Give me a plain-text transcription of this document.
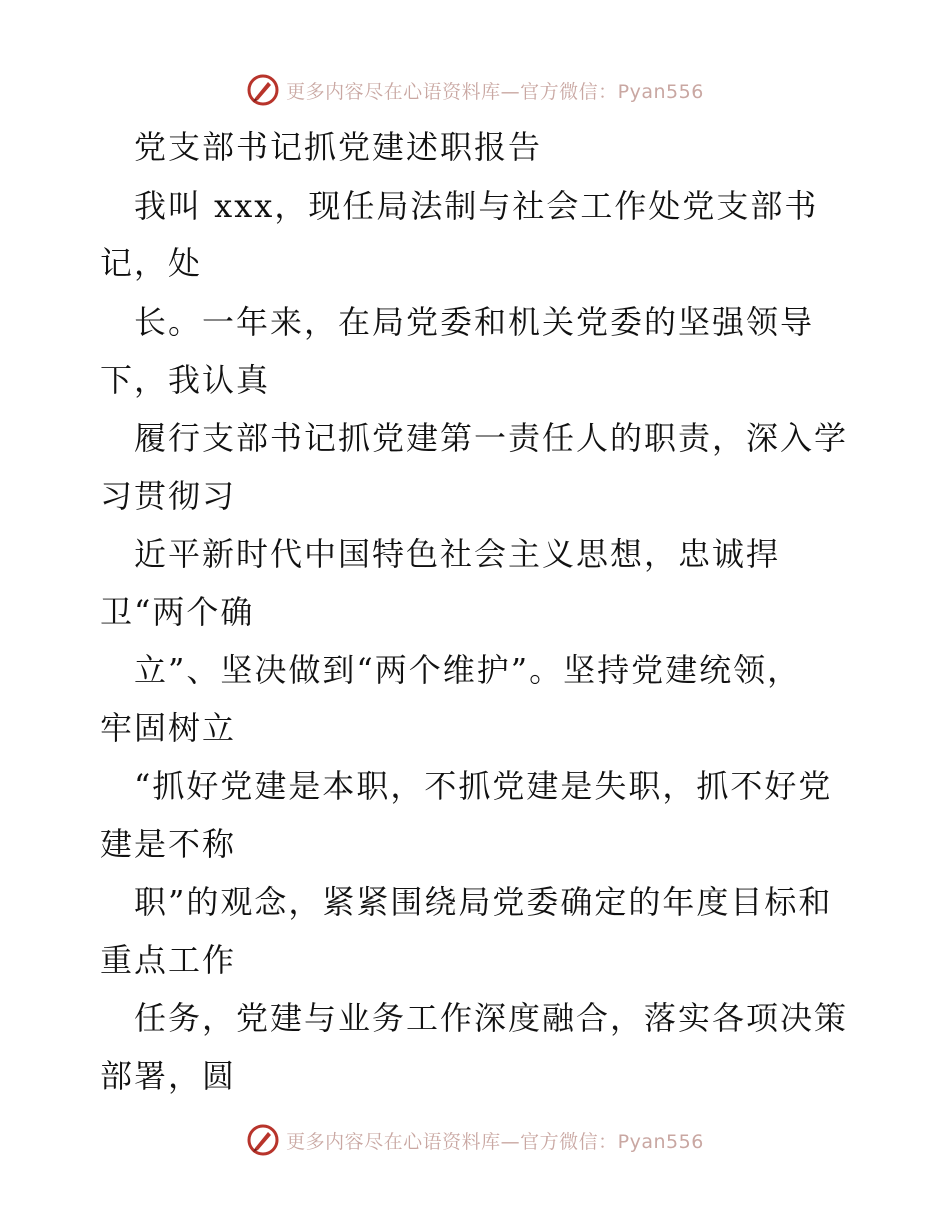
更多内容尽在心语资料库—官方微信：Pyan556
党支部书记抓党建述职报告
我叫 xxx，现任局法制与社会工作处党支部书
记，处
长。一年来，在局党委和机关党委的坚强领导
下，我认真
履行支部书记抓党建第一责任人的职责，深入学
习贯彻习
近平新时代中国特色社会主义思想，忠诚捍
卫“两个确
立”、坚决做到“两个维护”。坚持党建统领，
牢固树立
“抓好党建是本职，不抓党建是失职，抓不好党
建是不称
职”的观念，紧紧围绕局党委确定的年度目标和
重点工作
任务，党建与业务工作深度融合，落实各项决策
部署，圆
更多内容尽在心语资料库—官方微信：Pyan556
